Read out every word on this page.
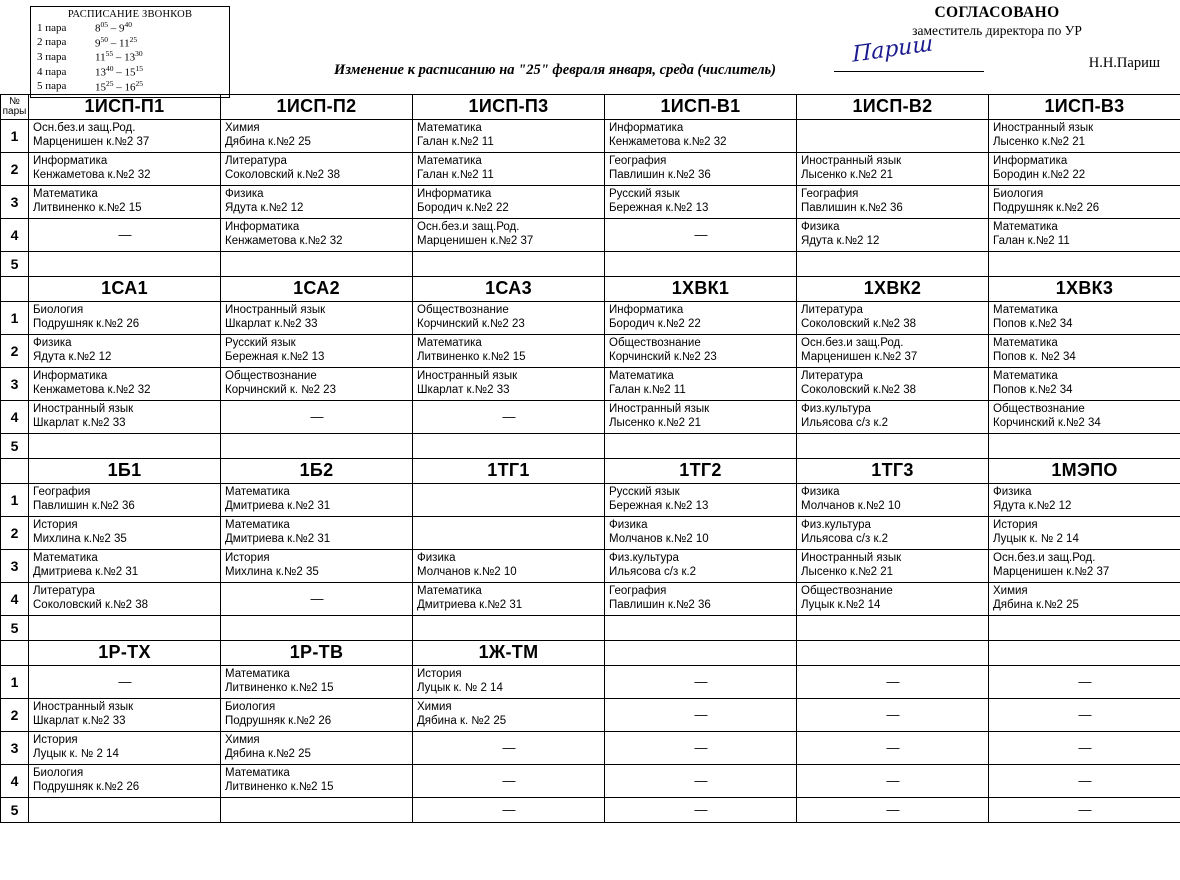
РАСПИСАНИЕ ЗВОНКОВ
1 пара	$8^{05} - 9^{40}$
2 пара	$9^{50} - 11^{25}$
3 пара	$11^{55} - 13^{30}$
4 пара	$13^{40} - 15^{15}$
5 пара	$15^{25} - 16^{25}$
СОГЛАСОВАНО
заместитель директора по УР
Париш	Н.Н.Париш
Изменение к расписанию на "25" февраля января, среда (числитель)
№
пары	1ИСП-П1	1ИСП-П2	1ИСП-П3	1ИСП-В1	1ИСП-В2	1ИСП-В3
1	Осн.без.и защ.Род.
Марценишен к.№2 37	Химия
Дябина к.№2 25	Математика
Галан к.№2 11	Информатика
Кенжаметова к.№2 32		Иностранный язык
Лысенко к.№2 21

2	Информатика
Кенжаметова к.№2 32	Литература
Соколовский к.№2 38	Математика
Галан к.№2 11	География
Павлишин к.№2 36	Иностранный язык
Лысенко к.№2 21	Информатика
Бородин к.№2 22

3	Математика
Литвиненко к.№2 15	Физика
Ядута к.№2 12	Информатика
Бородич к.№2 22	Русский язык
Бережная к.№2 13	География
Павлишин к.№2 36	Биология
Подрушняк к.№2 26

4	—	Информатика
Кенжаметова к.№2 32	Осн.без.и защ.Род.
Марценишен к.№2 37	—	Физика
Ядута к.№2 12	Математика
Галан к.№2 11

5						
	1СА1	1СА2	1СА3	1ХВК1	1ХВК2	1ХВК3
1	Биология
Подрушняк к.№2 26	Иностранный язык
Шкарлат к.№2 33	Обществознание
Корчинский к.№2 23	Информатика
Бородич к.№2 22	Литература
Соколовский к.№2 38	Математика
Попов к.№2 34

2	Физика
Ядута к.№2 12	Русский язык
Бережная к.№2 13	Математика
Литвиненко к.№2 15	Обществознание
Корчинский к.№2 23	Осн.без.и защ.Род.
Марценишен к.№2 37	Математика
Попов к. №2 34

3	Информатика
Кенжаметова к.№2 32	Обществознание
Корчинский к. №2 23	Иностранный язык
Шкарлат к.№2 33	Математика
Галан к.№2 11	Литература
Соколовский к.№2 38	Математика
Попов к.№2 34

4	Иностранный язык
Шкарлат к.№2 33	—	—	Иностранный язык
Лысенко к.№2 21	Физ.культура
Ильясова с/з к.2	Обществознание
Корчинский к.№2 34

5						
	1Б1	1Б2	1ТГ1	1ТГ2	1ТГ3	1МЭПО
1	География
Павлишин к.№2 36	Математика
Дмитриева к.№2 31		Русский язык
Бережная к.№2 13	Физика
Молчанов к.№2 10	Физика
Ядута к.№2 12

2	История
Михлина к.№2 35	Математика
Дмитриева к.№2 31		Физика
Молчанов к.№2 10	Физ.культура
Ильясова с/з к.2	История
Луцык к. № 2 14

3	Математика
Дмитриева к.№2 31	История
Михлина к.№2 35	Физика
Молчанов к.№2 10	Физ.культура
Ильясова с/з к.2	Иностранный язык
Лысенко к.№2 21	Осн.без.и защ.Род.
Марценишен к.№2 37

4	Литература
Соколовский к.№2 38	—	Математика
Дмитриева к.№2 31	География
Павлишин к.№2 36	Обществознание
Луцык к.№2 14	Химия
Дябина к.№2 25

5						
	1Р-ТХ	1Р-ТВ	1Ж-ТМ			
1	—	Математика
Литвиненко к.№2 15	История
Луцык к. № 2 14	—	—	—
2	Иностранный язык
Шкарлат к.№2 33	Биология
Подрушняк к.№2 26	Химия
Дябина к. №2 25	—	—	—
3	История
Луцык к. № 2 14	Химия
Дябина к.№2 25	—	—	—	—
4	Биология
Подрушняк к.№2 26	Математика
Литвиненко к.№2 15	—	—	—	—
5			—	—	—	—
